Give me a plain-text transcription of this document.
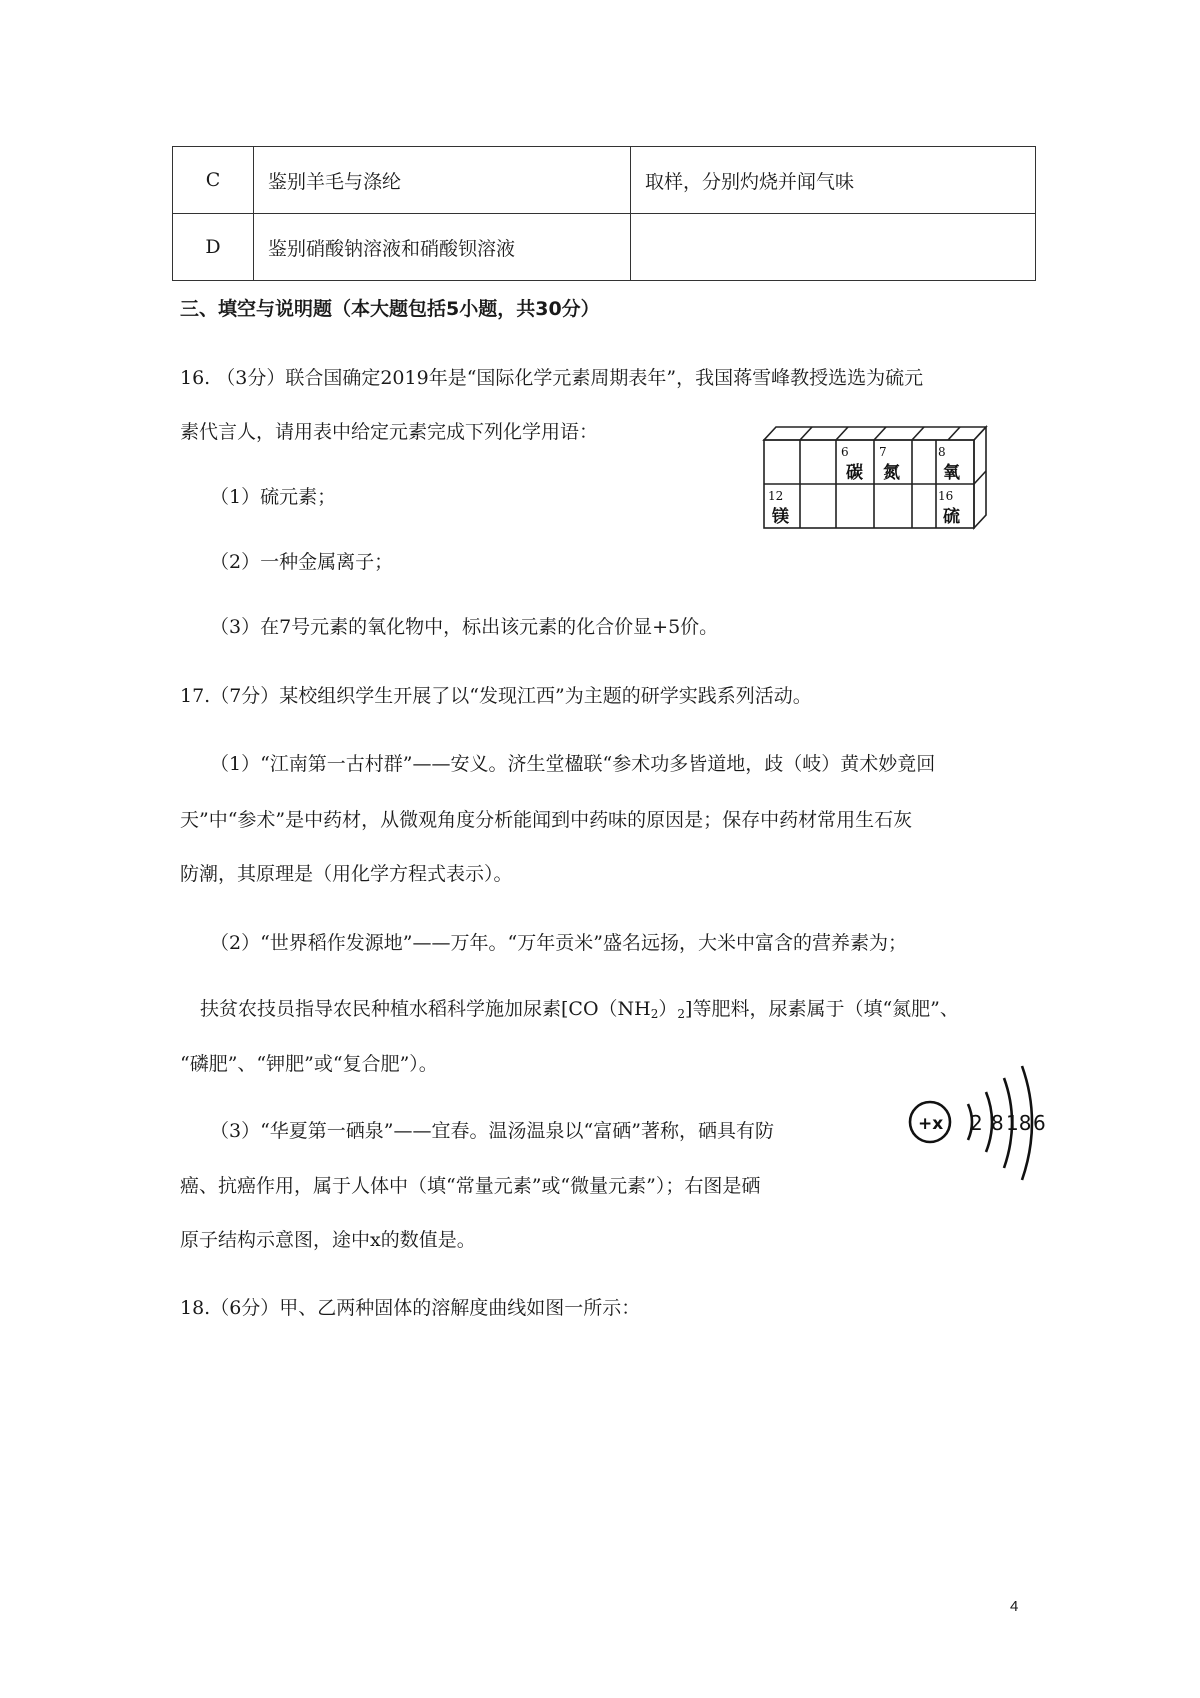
C	鉴别羊毛与涤纶	取样，分别灼烧并闻气味
D	鉴别硝酸钠溶液和硝酸钡溶液	
三、填空与说明题（本大题包括5小题，共30分）
16. （3分）联合国确定2019年是“国际化学元素周期表年”，我国蒋雪峰教授选选为硫元
素代言人，请用表中给定元素完成下列化学用语：
（1）硫元素；
（2）一种金属离子；
（3）在7号元素的氧化物中，标出该元素的化合价显+5价。
6
碳
7
氮
8
氧
12
镁
16
硫
17.（7分）某校组织学生开展了以“发现江西”为主题的研学实践系列活动。
（1）“江南第一古村群”——安义。济生堂楹联“参术功多皆道地，歧（岐）黄术妙竟回
天”中“参术”是中药材，从微观角度分析能闻到中药味的原因是；保存中药材常用生石灰
防潮，其原理是（用化学方程式表示）。
（2）“世界稻作发源地”——万年。“万年贡米”盛名远扬，大米中富含的营养素为；
扶贫农技员指导农民种植水稻科学施加尿素$[CO(NH_2)_2]$等肥料，尿素属于（填“氮肥”、
“磷肥”、“钾肥”或“复合肥”）。
（3）“华夏第一硒泉”——宜春。温汤温泉以“富硒”著称，硒具有防
癌、抗癌作用，属于人体中（填“常量元素”或“微量元素”）；右图是硒
原子结构示意图，途中x的数值是。
+x 2 8 18 6
18.（6分）甲、乙两种固体的溶解度曲线如图一所示：
4
